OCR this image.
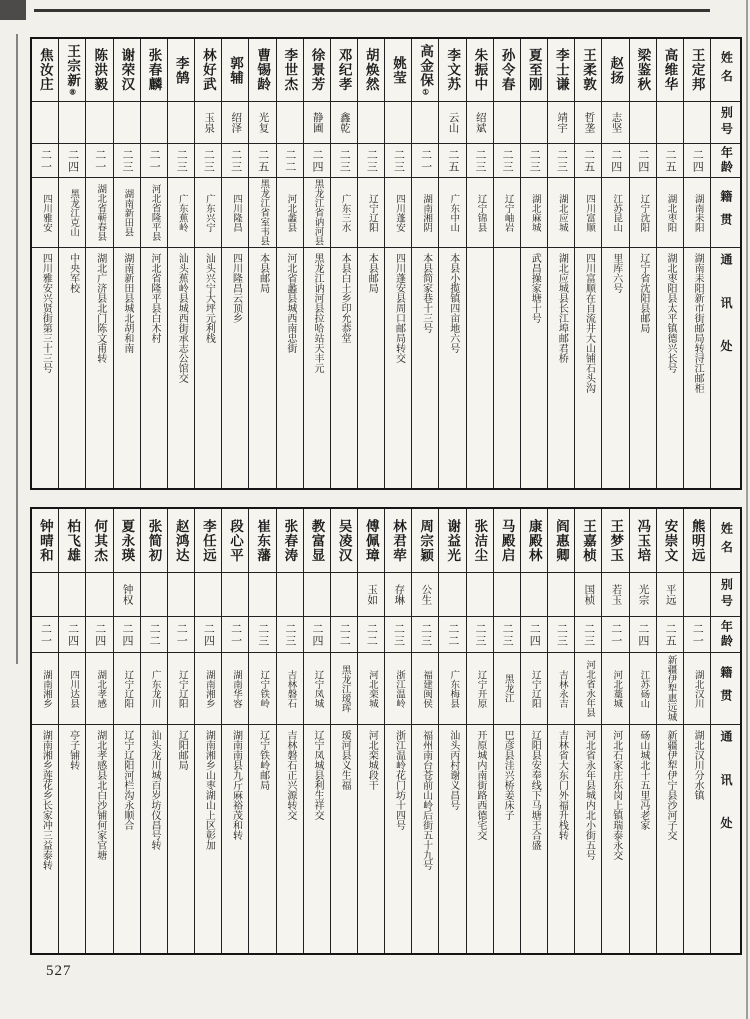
姓名
别号
年龄
籍贯
通讯处
王定邦
二四
湖南耒阳
湖南耒阳新市街邮局转浔江邮柜
高维华
二五
湖北枣阳
湖北枣阳县太平镇德兴长号
梁鉴秋
二四
辽宁沈阳
辽宁省沈阳县邮局
赵扬
志坚
二四
江苏昆山
里库六号
王柔敦
哲垄
二五
四川富顺
四川富顺在自流井大山铺石头沟
李士谦
靖宇
二三
湖北应城
湖北应城县长江埠邮君桥
夏至刚
二三
湖北麻城
武昌操家塘十号
孙令春
二三
辽宁岫岩
朱振中
绍斌
二三
辽宁锦县
李文苏
云山
二五
广东中山
本县小揽镇四亩地六号
高金保①
二一
湖南湘阴
本县简家巷十三号
姚莹
二三
四川蓬安
四川蓬安县周口邮局转交
胡焕然
二三
辽宁辽阳
本县邮局
邓纪孝
鑫乾
二三
广东三水
本县白土乡印允恭堂
徐景芳
静圃
二四
黑龙江省讷河县
黑龙江讷河县拉哈站天丰元
李世杰
二二
河北蠡县
河北省蠡县城西南忠街
曹锡龄
光复
二五
黑龙江省室韦县
本县邮局
郭辅
绍泽
二三
四川隆昌
四川隆昌云顶乡
林好武
玉泉
二三
广东兴宁
汕头兴宁大坪元利栈
李鹄
二三
广东蕉岭
汕头蕉岭县城西街承志公馆交
张春麟
二一
河北省隆平县
河北省隆平县白木村
谢荣汉
二三
湖南新田县
湖南新田县城北胡和南
陈洪毅
二一
湖北省蕲春县
湖北广济县北门陈文甫转
王宗新⑧
二四
黑龙江克山
中央军校
焦汝庄
二一
四川雅安
四川雅安兴贤街第三十三号
姓名
别号
年龄
籍贯
通讯处
熊明远
二一
湖北汉川
湖北汉川分水镇
安崇文
平远
二五
新疆伊犁惠远城
新疆伊犁伊宁县沙河子交
冯玉培
光宗
二四
江苏砀山
砀山城北十五里冯老家
王梦玉
若玉
二一
河北藁城
河北石家庄东岗上镇瑞泰永交
王嘉桢
国桢
二三
河北省永年县
河北省永年县城内北小街五号
阎惠卿
二三
吉林永吉
吉林省大东门外福升栈转
康殿林
二四
辽宁辽阳
辽阳县安奉线下马塘王合盛
马殿启
二三
黑龙江
巴彦县洼兴桥姜床子
张洁尘
二三
辽宁开原
开原城内南街路西德宅交
谢益光
二二
广东梅县
汕头丙村谢义昌号
周宗颖
公生
二三
福建闽侯
福州南台苍前山岭后街五十九号
林君荦
存琳
二三
浙江温岭
浙江温岭花门坊十四号
傅佩璋
玉如
二二
河北栾城
河北栾城段干
吴凌汉
二二
黑龙江瑷珲
瑷河县义生福
教富显
二四
辽宁凤城
辽宁凤城县利生祥交
张春涛
二三
吉林磐石
吉林磐石正兴源转交
崔东藩
二三
辽宁铁岭
辽宁铁岭邮局
段心平
二一
湖南华容
湖南南县九斤麻裕茂和转
李任远
二四
湖南湘乡
湖南湘乡山枣湖山上区彰加
赵鸿达
二一
辽宁辽阳
辽阳邮局
张简初
二二
广东龙川
汕头龙川城百岁坊仪昌号转
夏永瑛
钟权
二四
辽宁辽阳
辽宁辽阳河栏沟永顺合
何其杰
二四
湖北孝感
湖北孝感县北白沙铺何家官塘
柏飞雄
二四
四川达县
亭子铺转
钟晴和
二一
湖南湘乡
湖南湘乡莲花乡长家冲三益泰转
527
